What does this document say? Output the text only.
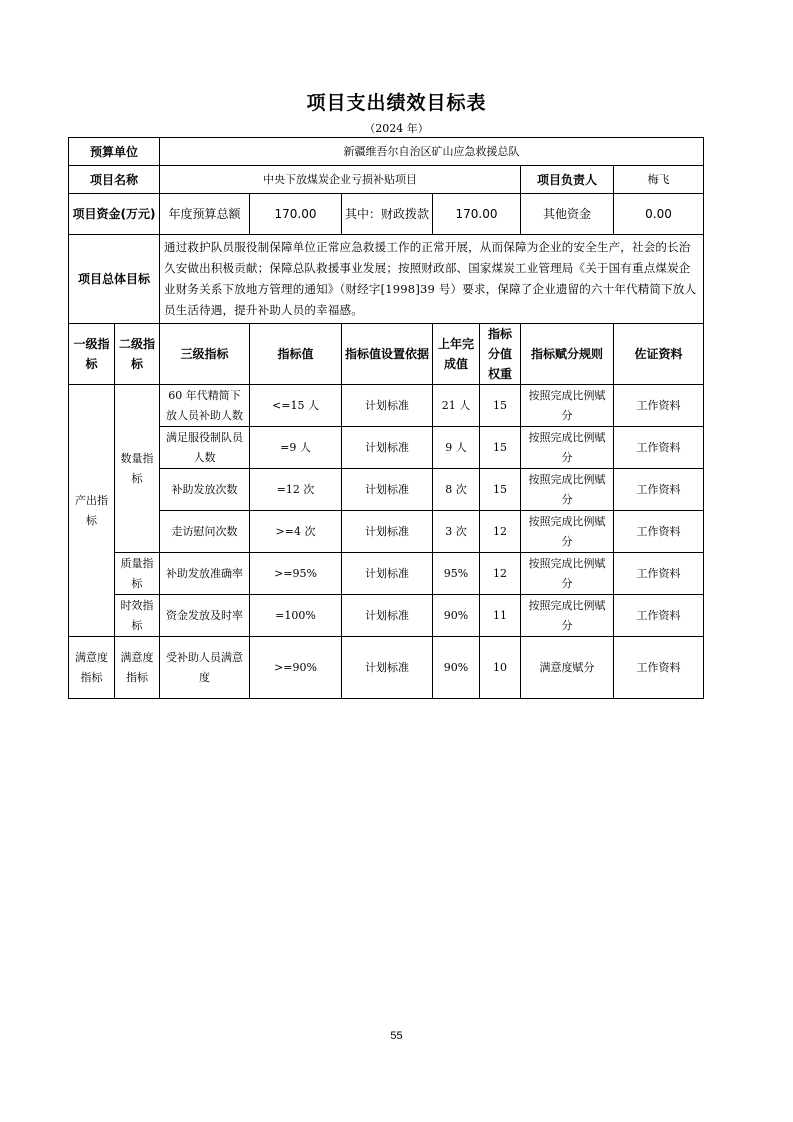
项目支出绩效目标表
（2024 年）
预算单位		新疆维吾尔自治区矿山应急救援总队						
项目名称		中央下放煤炭企业亏损补贴项目					项目负责人	梅飞
项目资金(万元)		年度预算总额	170.00	其中：财政拨款	170.00		其他资金	0.00
项目总体目标		通过救护队员服役制保障单位正常应急救援工作的正常开展，从而保障为企业的安全生产，社会的长治久安做出积极贡献；保障总队救援事业发展；按照财政部、国家煤炭工业管理局《关于国有重点煤炭企业财务关系下放地方管理的通知》（财经字[1998]39 号）要求，保障了企业遗留的六十年代精简下放人员生活待遇，提升补助人员的幸福感。						
一级指标	二级指标	三级指标	指标值	指标值设置依据	上年完成值	指标分值权重	指标赋分规则	佐证资料
产出指标	数量指标	60 年代精简下放人员补助人数	<=15 人	计划标准	21 人	15	按照完成比例赋分	工作资料
		满足服役制队员人数	=9 人	计划标准	9 人	15	按照完成比例赋分	工作资料
		补助发放次数	=12 次	计划标准	8 次	15	按照完成比例赋分	工作资料
		走访慰问次数	>=4 次	计划标准	3 次	12	按照完成比例赋分	工作资料
	质量指标	补助发放准确率	>=95%	计划标准	95%	12	按照完成比例赋分	工作资料
	时效指标	资金发放及时率	=100%	计划标准	90%	11	按照完成比例赋分	工作资料
满意度指标	满意度指标	受补助人员满意度	>=90%	计划标准	90%	10	满意度赋分	工作资料
55
